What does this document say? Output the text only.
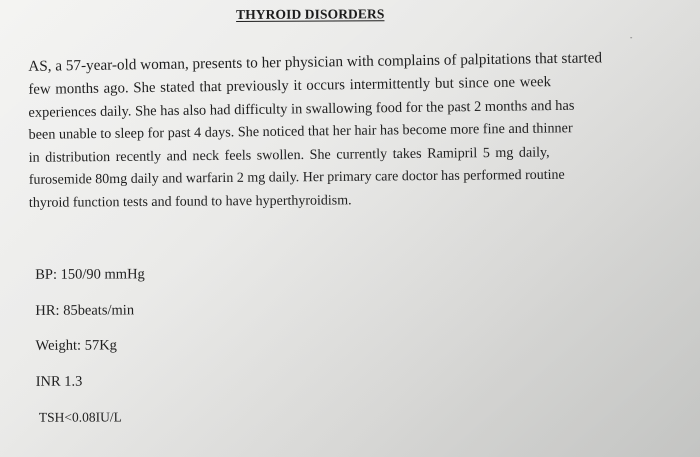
THYROID DISORDERS
AS, a 57-year-old woman, presents to her physician with complains of palpitations that started
few months ago. She stated that previously it occurs intermittently but since one week
experiences daily. She has also had difficulty in swallowing food for the past 2 months and has
been unable to sleep for past 4 days. She noticed that her hair has become more fine and thinner
in distribution recently and neck feels swollen. She currently takes Ramipril 5 mg daily,
furosemide 80mg daily and warfarin 2 mg daily. Her primary care doctor has performed routine
thyroid function tests and found to have hyperthyroidism.
BP: 150/90 mmHg
HR: 85beats/min
Weight: 57Kg
INR 1.3
TSH<0.08IU/L
